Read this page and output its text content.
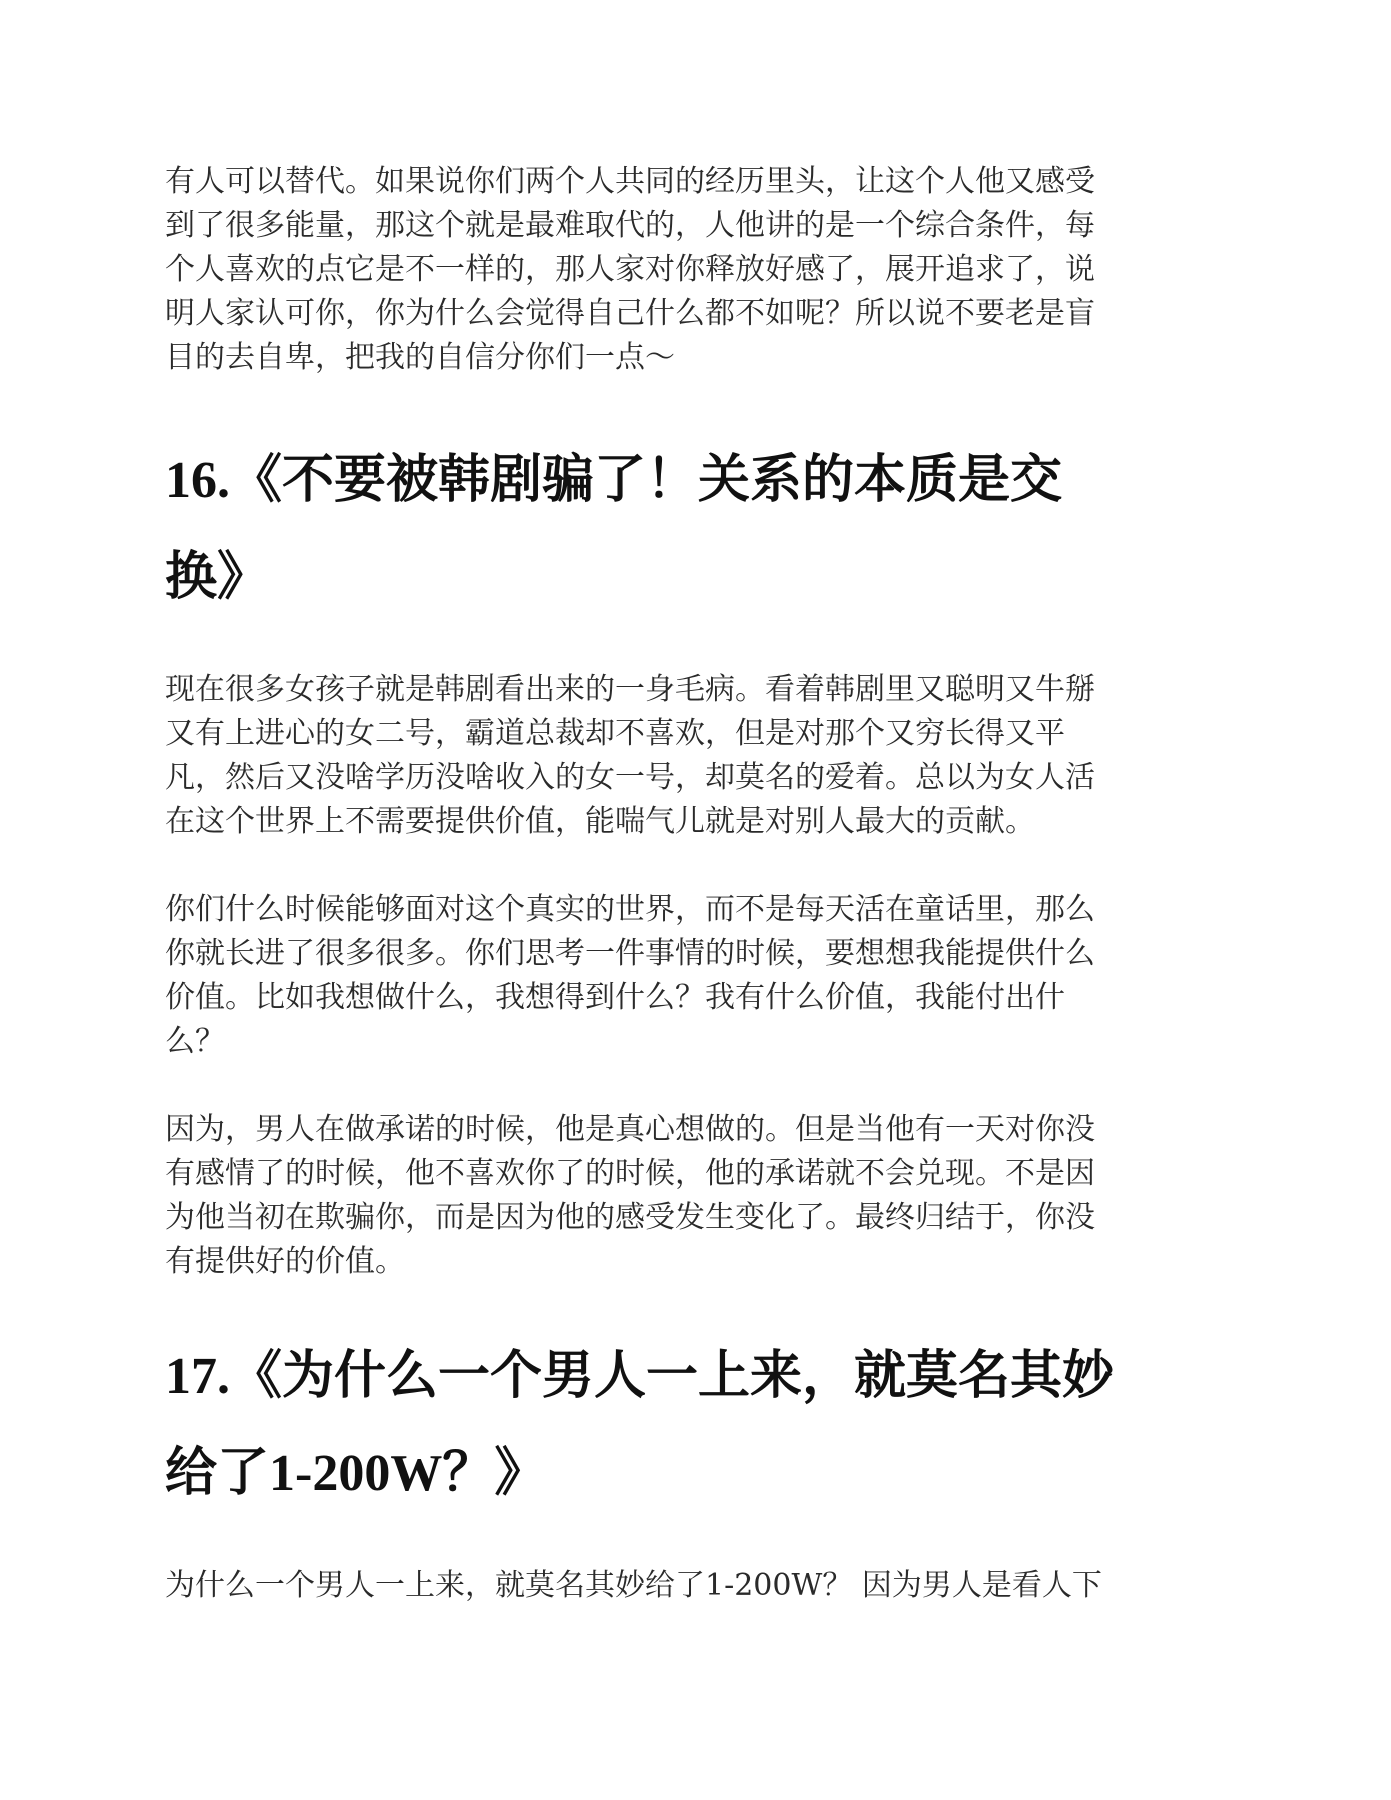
有人可以替代。如果说你们两个人共同的经历里头，让这个人他又感受
到了很多能量，那这个就是最难取代的，人他讲的是一个综合条件，每
个人喜欢的点它是不一样的，那人家对你释放好感了，展开追求了，说
明人家认可你，你为什么会觉得自己什么都不如呢？所以说不要老是盲
目的去自卑，把我的自信分你们一点～

16.《不要被韩剧骗了！关系的本质是交
换》

现在很多女孩子就是韩剧看出来的一身毛病。看着韩剧里又聪明又牛掰
又有上进心的女二号，霸道总裁却不喜欢，但是对那个又穷长得又平
凡，然后又没啥学历没啥收入的女一号，却莫名的爱着。总以为女人活
在这个世界上不需要提供价值，能喘气儿就是对别人最大的贡献。

你们什么时候能够面对这个真实的世界，而不是每天活在童话里，那么
你就长进了很多很多。你们思考一件事情的时候，要想想我能提供什么
价值。比如我想做什么，我想得到什么？我有什么价值，我能付出什
么？

因为，男人在做承诺的时候，他是真心想做的。但是当他有一天对你没
有感情了的时候，他不喜欢你了的时候，他的承诺就不会兑现。不是因
为他当初在欺骗你，而是因为他的感受发生变化了。最终归结于，你没
有提供好的价值。

17.《为什么一个男人一上来，就莫名其妙
给了1-200W？》

为什么一个男人一上来，就莫名其妙给了1-200W？ 因为男人是看人下
